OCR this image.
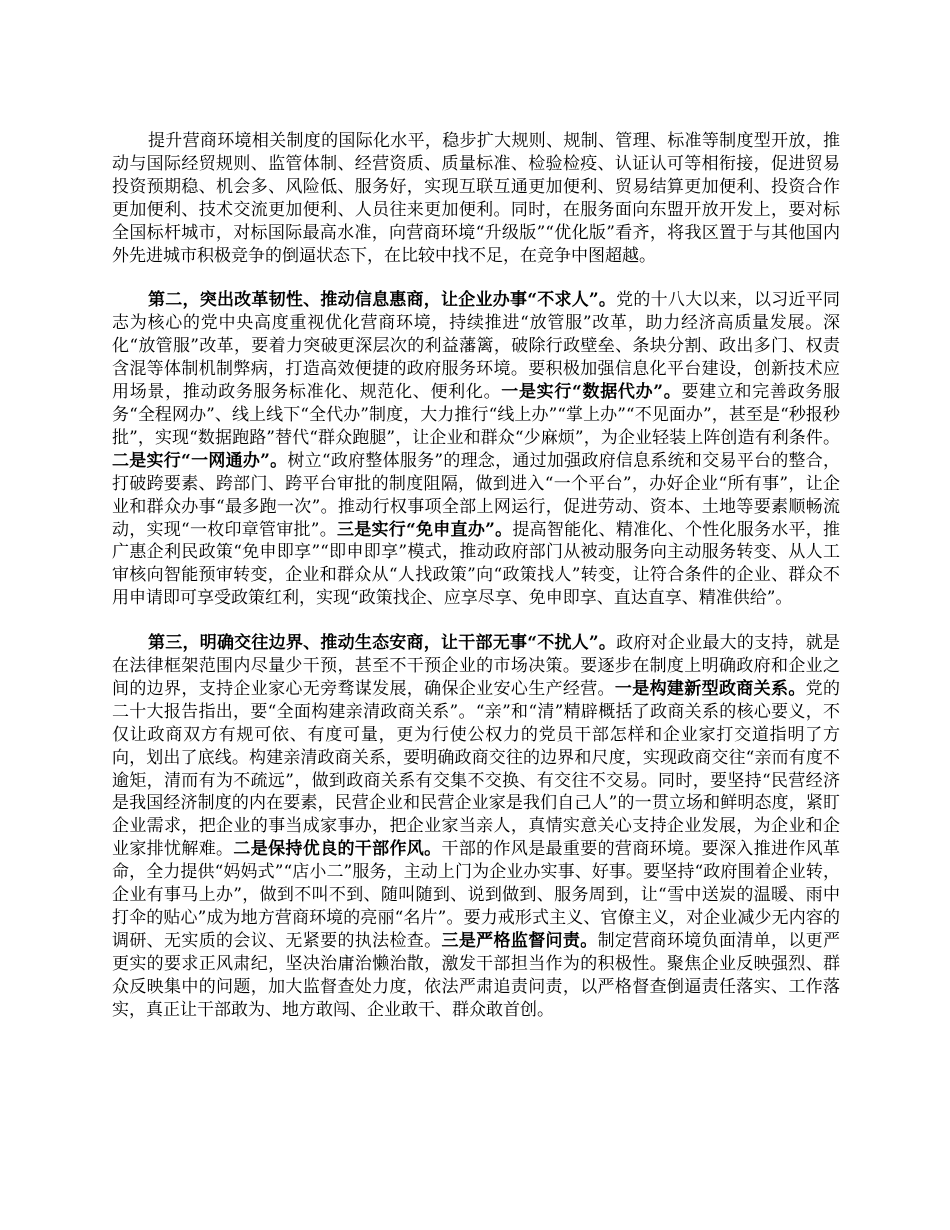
提升营商环境相关制度的国际化水平，稳步扩大规则、规制、管理、标准等制度型开放，推动与国际经贸规则、监管体制、经营资质、质量标准、检验检疫、认证认可等相衔接，促进贸易投资预期稳、机会多、风险低、服务好，实现互联互通更加便利、贸易结算更加便利、投资合作更加便利、技术交流更加便利、人员往来更加便利。同时，在服务面向东盟开放开发上，要对标全国标杆城市，对标国际最高水准，向营商环境“升级版”“优化版”看齐，将我区置于与其他国内外先进城市积极竞争的倒逼状态下，在比较中找不足，在竞争中图超越。

第二，突出改革韧性、推动信息惠商，让企业办事“不求人”。党的十八大以来，以习近平同志为核心的党中央高度重视优化营商环境，持续推进“放管服”改革，助力经济高质量发展。深化“放管服”改革，要着力突破更深层次的利益藩篱，破除行政壁垒、条块分割、政出多门、权责含混等体制机制弊病，打造高效便捷的政府服务环境。要积极加强信息化平台建设，创新技术应用场景，推动政务服务标准化、规范化、便利化。一是实行“数据代办”。要建立和完善政务服务“全程网办”、线上线下“全代办”制度，大力推行“线上办”“掌上办”“不见面办”，甚至是“秒报秒批”，实现“数据跑路”替代“群众跑腿”，让企业和群众“少麻烦”，为企业轻装上阵创造有利条件。二是实行“一网通办”。树立“政府整体服务”的理念，通过加强政府信息系统和交易平台的整合，打破跨要素、跨部门、跨平台审批的制度阻隔，做到进入“一个平台”，办好企业“所有事”，让企业和群众办事“最多跑一次”。推动行权事项全部上网运行，促进劳动、资本、土地等要素顺畅流动，实现“一枚印章管审批”。三是实行“免申直办”。提高智能化、精准化、个性化服务水平，推广惠企利民政策“免申即享”“即申即享”模式，推动政府部门从被动服务向主动服务转变、从人工审核向智能预审转变，企业和群众从“人找政策”向“政策找人”转变，让符合条件的企业、群众不用申请即可享受政策红利，实现“政策找企、应享尽享、免申即享、直达直享、精准供给”。

第三，明确交往边界、推动生态安商，让干部无事“不扰人”。政府对企业最大的支持，就是在法律框架范围内尽量少干预，甚至不干预企业的市场决策。要逐步在制度上明确政府和企业之间的边界，支持企业家心无旁骛谋发展，确保企业安心生产经营。一是构建新型政商关系。党的二十大报告指出，要“全面构建亲清政商关系”。“亲”和“清”精辟概括了政商关系的核心要义，不仅让政商双方有规可依、有度可量，更为行使公权力的党员干部怎样和企业家打交道指明了方向，划出了底线。构建亲清政商关系，要明确政商交往的边界和尺度，实现政商交往“亲而有度不逾矩，清而有为不疏远”，做到政商关系有交集不交换、有交往不交易。同时，要坚持“民营经济是我国经济制度的内在要素，民营企业和民营企业家是我们自己人”的一贯立场和鲜明态度，紧盯企业需求，把企业的事当成家事办，把企业家当亲人，真情实意关心支持企业发展，为企业和企业家排忧解难。二是保持优良的干部作风。干部的作风是最重要的营商环境。要深入推进作风革命，全力提供“妈妈式”“店小二”服务，主动上门为企业办实事、好事。要坚持“政府围着企业转，企业有事马上办”，做到不叫不到、随叫随到、说到做到、服务周到，让“雪中送炭的温暖、雨中打伞的贴心”成为地方营商环境的亮丽“名片”。要力戒形式主义、官僚主义，对企业减少无内容的调研、无实质的会议、无紧要的执法检查。三是严格监督问责。制定营商环境负面清单，以更严更实的要求正风肃纪，坚决治庸治懒治散，激发干部担当作为的积极性。聚焦企业反映强烈、群众反映集中的问题，加大监督查处力度，依法严肃追责问责，以严格督查倒逼责任落实、工作落实，真正让干部敢为、地方敢闯、企业敢干、群众敢首创。
